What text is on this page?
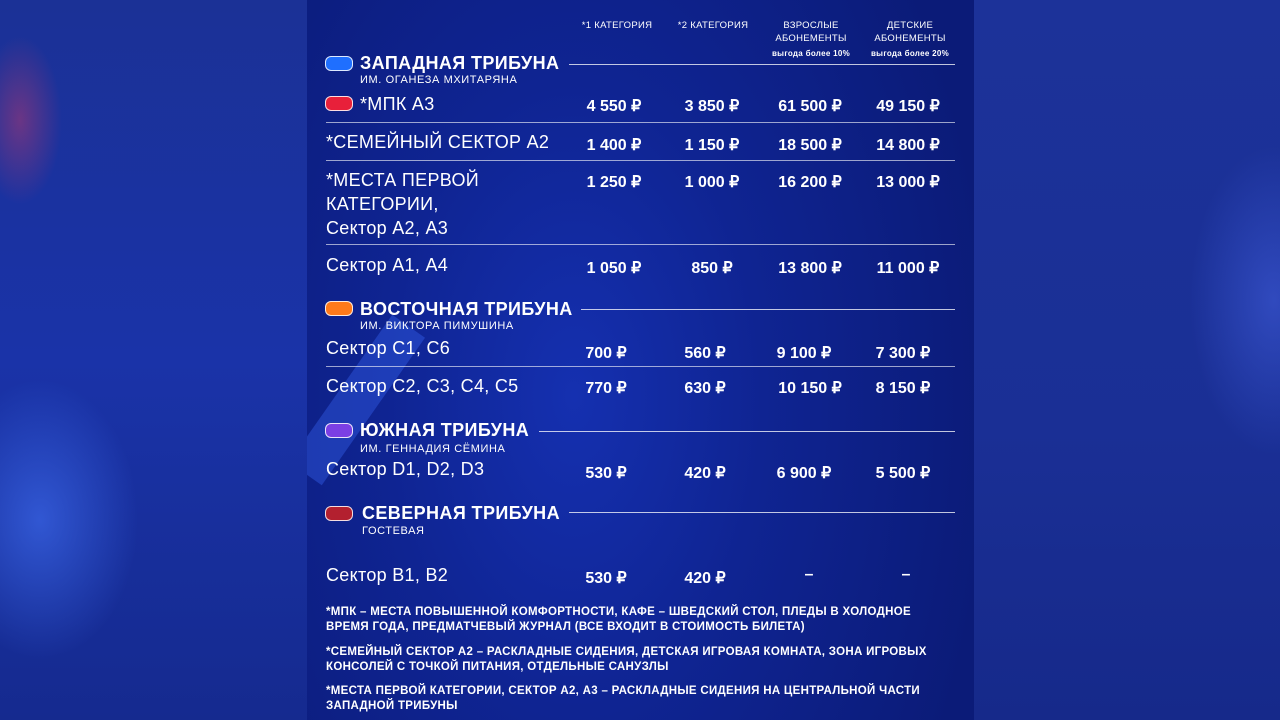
*1 КАТЕГОРИЯ	*2 КАТЕГОРИЯ	ВЗРОСЛЫЕ
АБОНЕМЕНТЫ

выгода более 10%

ДЕТСКИЕ
АБОНЕМЕНТЫ

выгода более 20%

ЗАПАДНАЯ ТРИБУНА
ИМ. ОГАНЕЗА МХИТАРЯНА
*МПК А3	4 550 ₽	3 850 ₽	61 500 ₽	49 150 ₽
*СЕМЕЙНЫЙ СЕКТОР А2	1 400 ₽	1 150 ₽	18 500 ₽	14 800 ₽
*МЕСТА ПЕРВОЙ
КАТЕГОРИИ,
Сектор А2, А3
1 250 ₽	1 000 ₽	16 200 ₽	13 000 ₽
Сектор А1, А4	1 050 ₽	850 ₽	13 800 ₽	11 000 ₽
ВОСТОЧНАЯ ТРИБУНА
ИМ. ВИКТОРА ПИМУШИНА
Сектор С1, С6	700 ₽	560 ₽	9 100 ₽	7 300 ₽
Сектор С2, С3, С4, С5	770 ₽	630 ₽	10 150 ₽	8 150 ₽
ЮЖНАЯ ТРИБУНА
ИМ. ГЕННАДИЯ СЁМИНА
Сектор D1, D2, D3	530 ₽	420 ₽	6 900 ₽	5 500 ₽
СЕВЕРНАЯ ТРИБУНА
ГОСТЕВАЯ
Сектор В1, В2	530 ₽	420 ₽	–	–
*МПК – МЕСТА ПОВЫШЕННОЙ КОМФОРТНОСТИ, КАФЕ – ШВЕДСКИЙ СТОЛ, ПЛЕДЫ В ХОЛОДНОЕ ВРЕМЯ ГОДА, ПРЕДМАТЧЕВЫЙ ЖУРНАЛ (ВСЕ ВХОДИТ В СТОИМОСТЬ БИЛЕТА)
*СЕМЕЙНЫЙ СЕКТОР А2 – РАСКЛАДНЫЕ СИДЕНИЯ, ДЕТСКАЯ ИГРОВАЯ КОМНАТА, ЗОНА ИГРОВЫХ КОНСОЛЕЙ С ТОЧКОЙ ПИТАНИЯ, ОТДЕЛЬНЫЕ САНУЗЛЫ
*МЕСТА ПЕРВОЙ КАТЕГОРИИ, СЕКТОР А2, А3 – РАСКЛАДНЫЕ СИДЕНИЯ НА ЦЕНТРАЛЬНОЙ ЧАСТИ ЗАПАДНОЙ ТРИБУНЫ
